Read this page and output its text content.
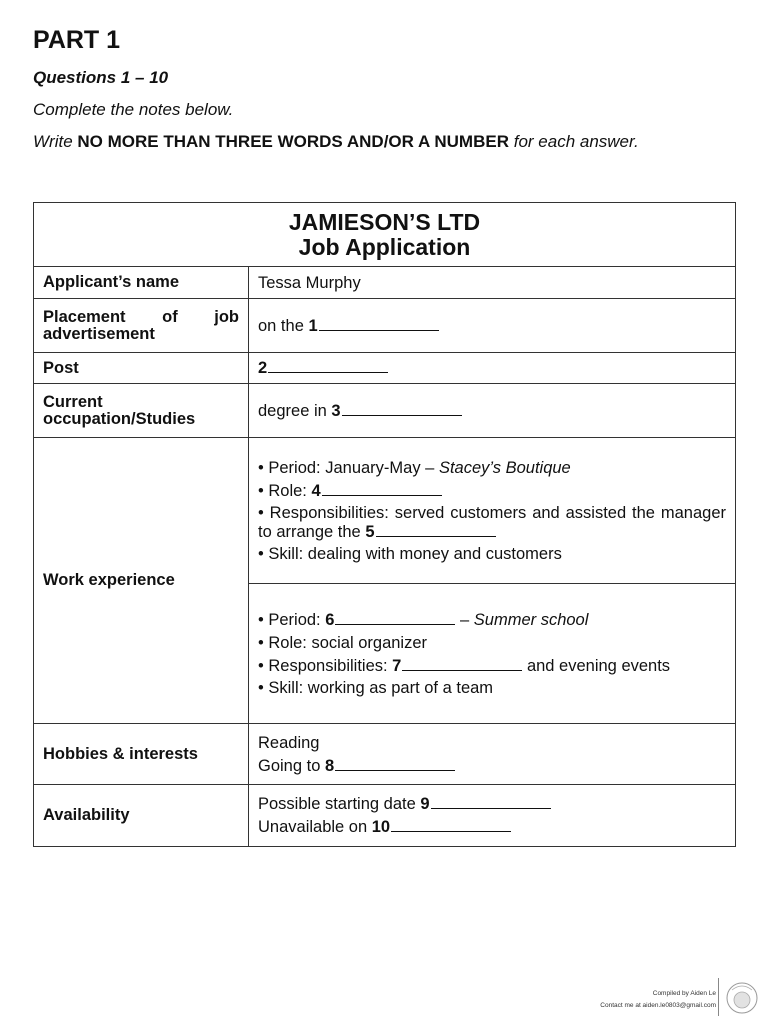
PART 1
Questions 1 – 10
Complete the notes below.
Write NO MORE THAN THREE WORDS AND/OR A NUMBER for each answer.
JAMIESON’S LTD
Job Application	

Applicant’s name	Tessa Murphy
Placement of job advertisement	on the 1
Post	2
Current occupation/Studies	degree in 3
Work experience	• Period: January-May – Stacey’s Boutique
• Role: 4
• Responsibilities: served customers and assisted the manager to arrange the 5
• Skill: dealing with money and customers

	• Period: 6 – Summer school
• Role: social organizer
• Responsibilities: 7 and evening events
• Skill: working as part of a team

Hobbies & interests	Reading
Going to 8

Availability	Possible starting date 9
Unavailable on 10
Compiled by Aiden Le
Contact me at aiden.le0803@gmail.com
